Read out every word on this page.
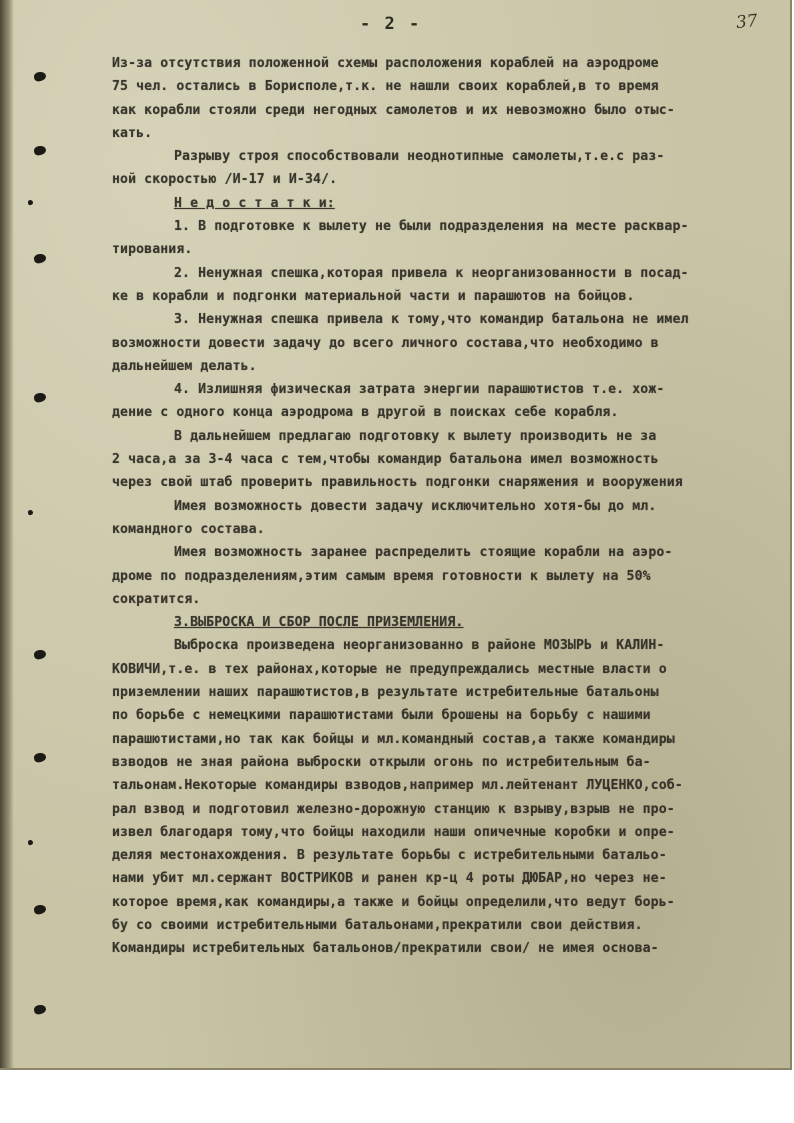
- 2 -	37
Из-за отсутствия положенной схемы расположения кораблей на аэродроме
75 чел. остались в Борисполе,т.к. не нашли своих кораблей,в то время
как корабли стояли среди негодных самолетов и их невозможно было отыс-
кать.
Разрыву строя способствовали неоднотипные самолеты,т.е.с раз-
ной скоростью /И-17 и И-34/.
Н е д о с т а т к и:
1. В подготовке к вылету не были подразделения на месте расквар-
тирования.
2. Ненужная спешка,которая привела к неорганизованности в посад-
ке в корабли и подгонки материальной части и парашютов на бойцов.
3. Ненужная спешка привела к тому,что командир батальона не имел
возможности довести задачу до всего личного состава,что необходимо в
дальнейшем делать.
4. Излишняя физическая затрата энергии парашютистов т.е. хож-
дение с одного конца аэродрома в другой в поисках себе корабля.
В дальнейшем предлагаю подготовку к вылету производить не за
2 часа,а за 3-4 часа с тем,чтобы командир батальона имел возможность
через свой штаб проверить правильность подгонки снаряжения и вооружения
Имея возможность довести задачу исключительно хотя-бы до мл.
командного состава.
Имея возможность заранее распределить стоящие корабли на аэро-
дроме по подразделениям,этим самым время готовности к вылету на 50%
сократится.
3.ВЫБРОСКА И СБОР ПОСЛЕ ПРИЗЕМЛЕНИЯ.
Выброска произведена неорганизованно в районе МОЗЫРЬ и КАЛИН-
КОВИЧИ,т.е. в тех районах,которые не предупреждались местные власти о
приземлении наших парашютистов,в результате истребительные батальоны
по борьбе с немецкими парашютистами были брошены на борьбу с нашими
парашютистами,но так как бойцы и мл.командный состав,а также командиры
взводов не зная района выброски открыли огонь по истребительным ба-
тальонам.Некоторые командиры взводов,например мл.лейтенант ЛУЦЕНКО,соб-
рал взвод и подготовил железно-дорожную станцию к взрыву,взрыв не про-
извел благодаря тому,что бойцы находили наши опичечные коробки и опре-
деляя местонахождения. В результате борьбы с истребительными батальо-
нами убит мл.сержант ВОСТРИКОВ и ранен кр-ц 4 роты ДЮБАР,но через не-
которое время,как командиры,а также и бойцы определили,что ведут борь-
бу со своими истребительными батальонами,прекратили свои действия.
Командиры истребительных батальонов/прекратили свои/ не имея основа-
